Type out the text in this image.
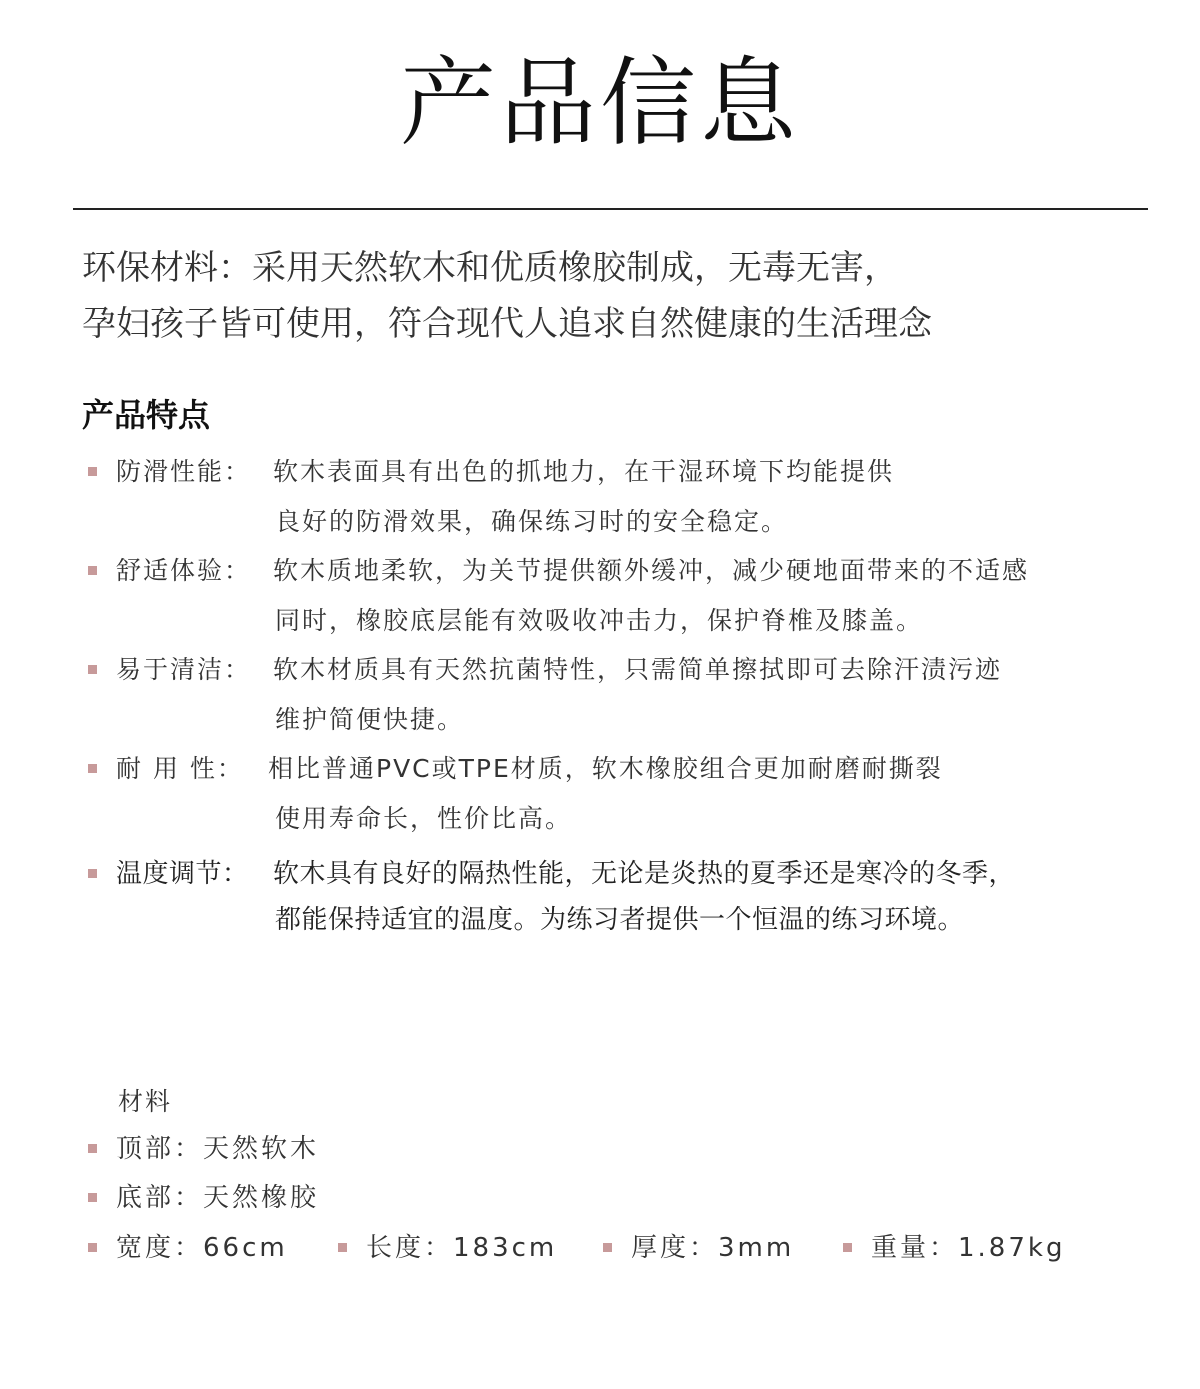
产品信息
环保材料：采用天然软木和优质橡胶制成，无毒无害，
孕妇孩子皆可使用，符合现代人追求自然健康的生活理念
产品特点
防滑性能： 软木表面具有出色的抓地力，在干湿环境下均能提供
良好的防滑效果，确保练习时的安全稳定。
舒适体验： 软木质地柔软，为关节提供额外缓冲，减少硬地面带来的不适感
同时，橡胶底层能有效吸收冲击力，保护脊椎及膝盖。
易于清洁： 软木材质具有天然抗菌特性，只需简单擦拭即可去除汗渍污迹
维护简便快捷。
耐 用 性： 相比普通PVC或TPE材质，软木橡胶组合更加耐磨耐撕裂
使用寿命长，性价比高。
温度调节： 软木具有良好的隔热性能，无论是炎热的夏季还是寒冷的冬季，
都能保持适宜的温度。为练习者提供一个恒温的练习环境。
材料
顶部：天然软木
底部：天然橡胶
宽度：66cm	长度：183cm	厚度：3mm	重量：1.87kg
